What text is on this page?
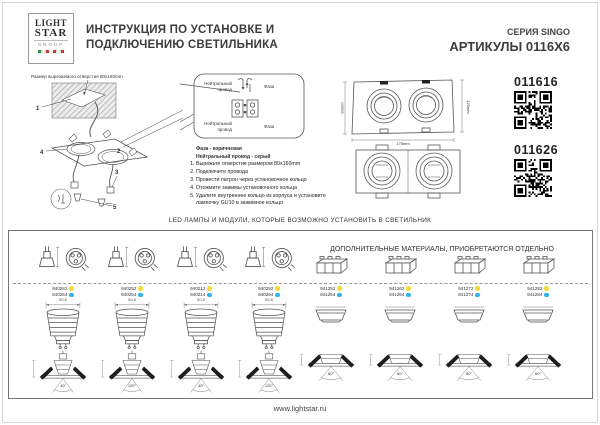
LIGHT
STAR
GROUP
ИНСТРУКЦИЯ ПО УСТАНОВКЕ И
ПОДКЛЮЧЕНИЮ СВЕТИЛЬНИКА
СЕРИЯ SINGO
АРТИКУЛЫ 0116X6
Размер вырезаемого отверстия 80x160mm
1
4	2
3
5
Нейтральный
провод
Фаза
Нейтральный
провод
Фаза
Фаза - коричневая
Нейтральный провод - серый
1. Вырежьте отверстие размером 80х160mm
2. Подключите провода
3. Провести патрон через установочное кольцо
4. Отожмите зажимы установочного кольца
5. Удалите внутреннее кольцо из корпуса и установите лампочку GU10 в зажимное кольцо
92mm
175mm
120mm
011616
011626
LED ЛАМПЫ И МОДУЛИ, КОТОРЫЕ ВОЗМОЖНО УСТАНОВИТЬ В СВЕТИЛЬНИК
ДОПОЛНИТЕЛЬНЫЕ МАТЕРИАЛЫ, ПРИОБРЕТАЮТСЯ ОТДЕЛЬНО
940262
940264
50.8
40°
940252
940254
50.8
120°
940212
940214
50.8
40°
940292
940294
50.8
120°
941252
941254
60°
941262
941264
60°
941272
941274
60°
941282
941284
60°
www.lightstar.ru
